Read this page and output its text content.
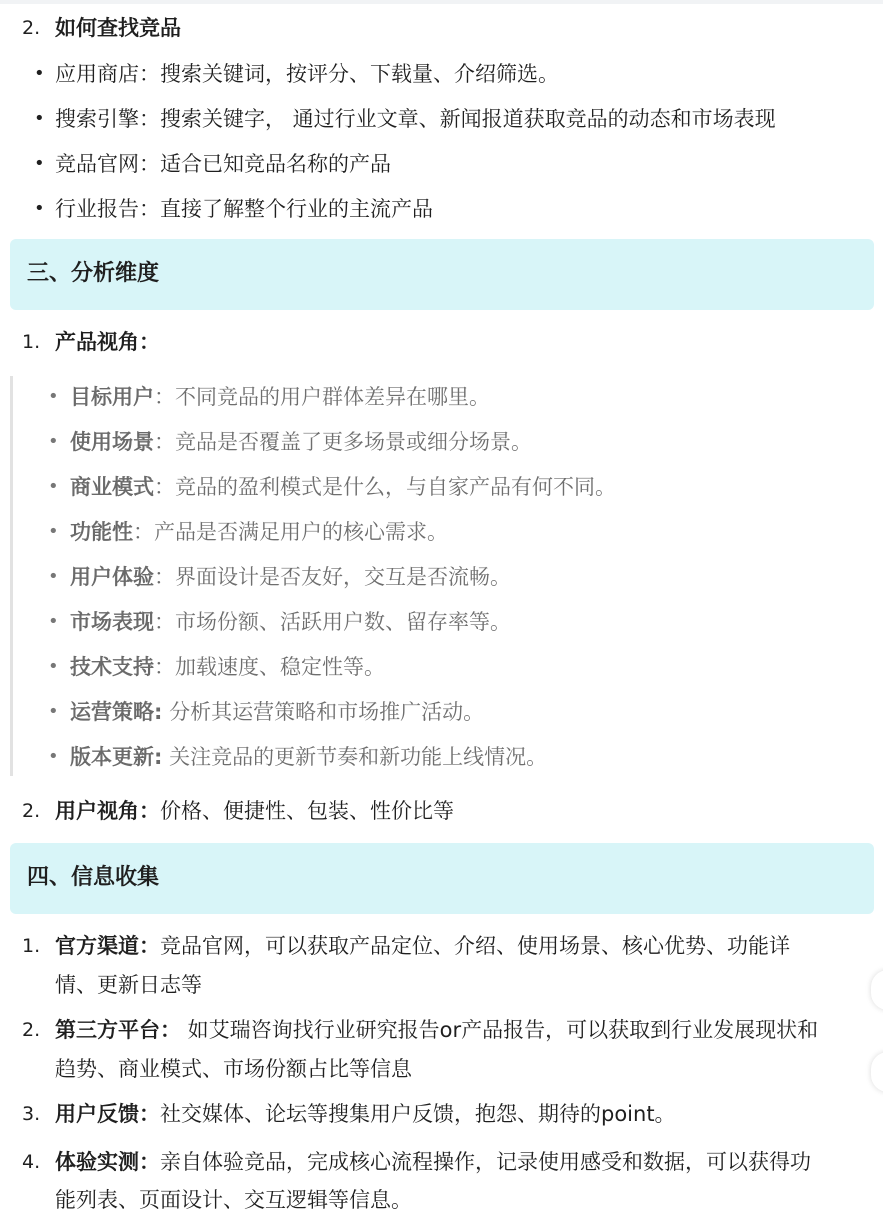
2. 如何查找竞品
• 应用商店：搜索关键词，按评分、下载量、介绍筛选。
• 搜索引擎：搜索关键字， 通过行业文章、新闻报道获取竞品的动态和市场表现
• 竞品官网：适合已知竞品名称的产品
• 行业报告：直接了解整个行业的主流产品
三、分析维度
1. 产品视角：
• 目标用户：不同竞品的用户群体差异在哪里。
• 使用场景：竞品是否覆盖了更多场景或细分场景。
• 商业模式：竞品的盈利模式是什么，与自家产品有何不同。
• 功能性：产品是否满足用户的核心需求。
• 用户体验：界面设计是否友好，交互是否流畅。
• 市场表现：市场份额、活跃用户数、留存率等。
• 技术支持：加载速度、稳定性等。
• 运营策略: 分析其运营策略和市场推广活动。
• 版本更新: 关注竞品的更新节奏和新功能上线情况。
2. 用户视角：价格、便捷性、包装、性价比等
四、信息收集
1. 官方渠道：竞品官网，可以获取产品定位、介绍、使用场景、核心优势、功能详
情、更新日志等
2. 第三方平台： 如艾瑞咨询找行业研究报告or产品报告，可以获取到行业发展现状和
趋势、商业模式、市场份额占比等信息
3. 用户反馈：社交媒体、论坛等搜集用户反馈，抱怨、期待的point。
4. 体验实测：亲自体验竞品，完成核心流程操作，记录使用感受和数据，可以获得功
能列表、页面设计、交互逻辑等信息。
